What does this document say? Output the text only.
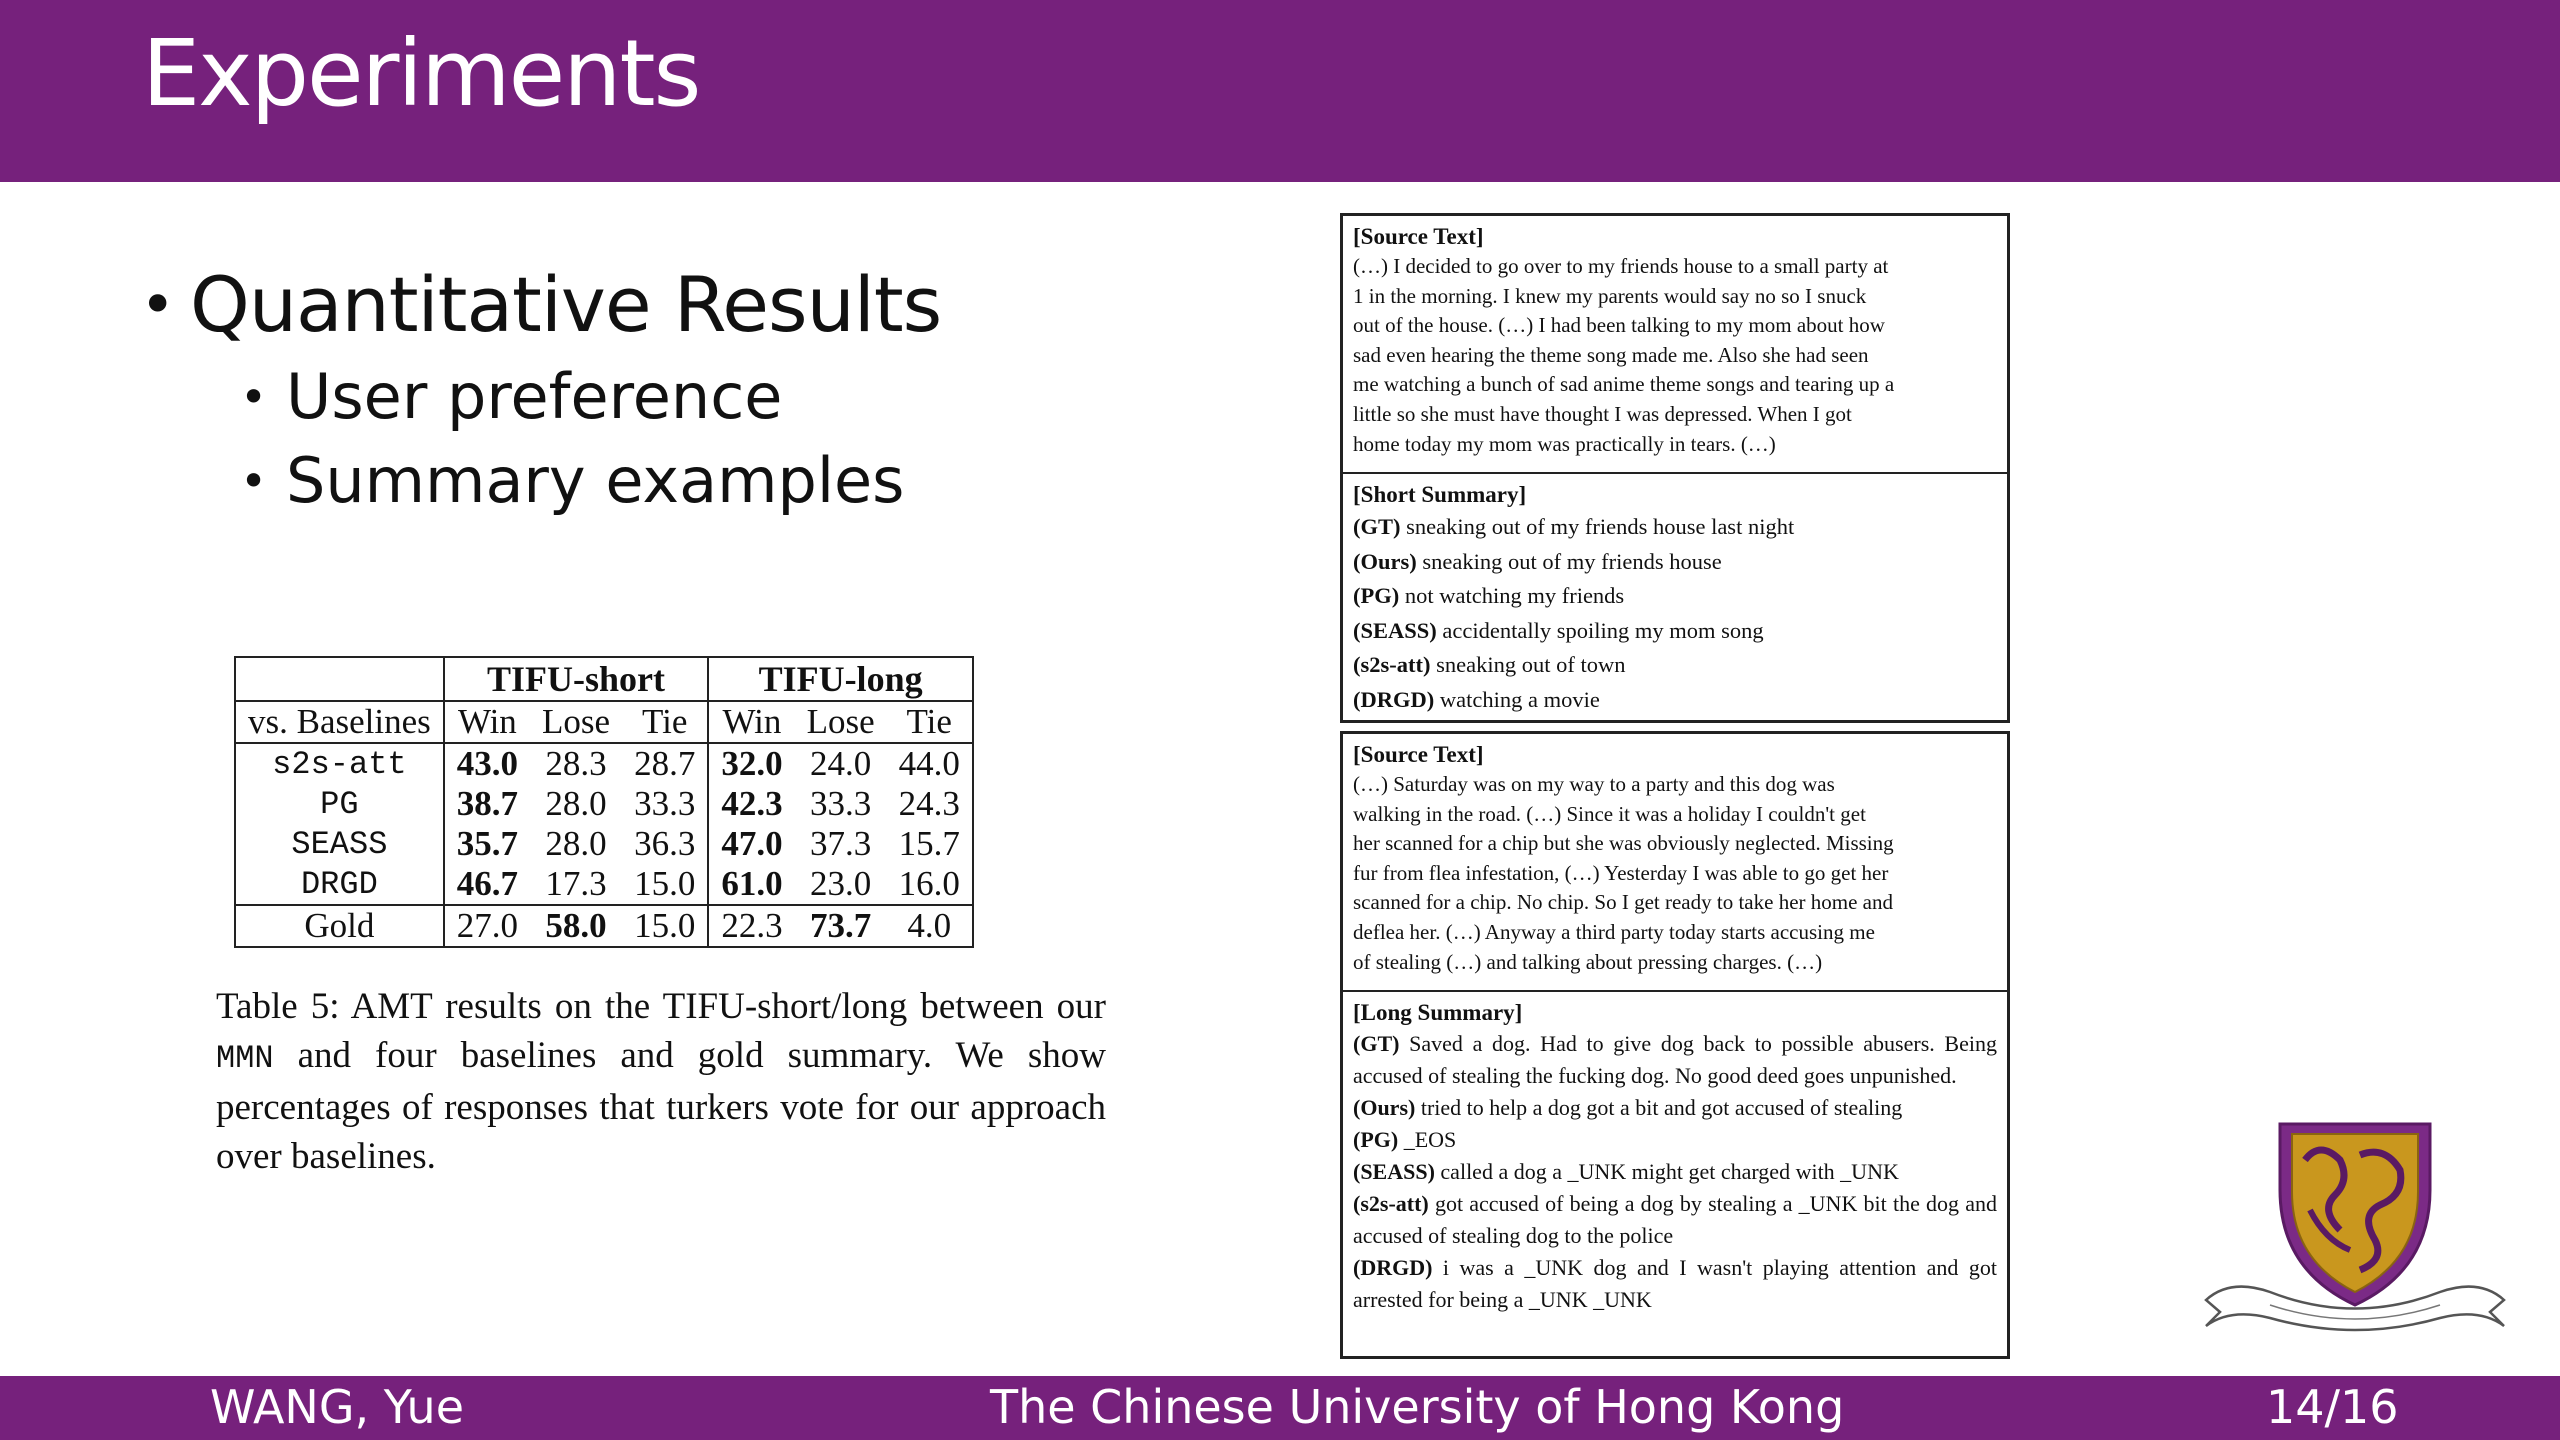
Experiments
• Quantitative Results
• User preference
• Summary examples
	TIFU-short			TIFU-long		
vs. Baselines	Win	Lose	Tie	Win	Lose	Tie
s2s-att	43.0	28.3	28.7	32.0	24.0	44.0
PG	38.7	28.0	33.3	42.3	33.3	24.3
SEASS	35.7	28.0	36.3	47.0	37.3	15.7
DRGD	46.7	17.3	15.0	61.0	23.0	16.0
Gold	27.0	58.0	15.0	22.3	73.7	4.0
Table 5: AMT results on the TIFU-short/long between our MMN and four baselines and gold summary. We show percentages of responses that turkers vote for our approach over baselines.
[Source Text]
(…) I decided to go over to my friends house to a small party at
1 in the morning. I knew my parents would say no so I snuck
out of the house. (…) I had been talking to my mom about how
sad even hearing the theme song made me. Also she had seen
me watching a bunch of sad anime theme songs and tearing up a
little so she must have thought I was depressed. When I got
home today my mom was practically in tears. (…)
[Short Summary]
(GT) sneaking out of my friends house last night
(Ours) sneaking out of my friends house
(PG) not watching my friends
(SEASS) accidentally spoiling my mom song
(s2s-att) sneaking out of town
(DRGD) watching a movie
[Source Text]
(…) Saturday was on my way to a party and this dog was
walking in the road. (…) Since it was a holiday I couldn't get
her scanned for a chip but she was obviously neglected. Missing
fur from flea infestation, (…) Yesterday I was able to go get her
scanned for a chip. No chip. So I get ready to take her home and
deflea her. (…) Anyway a third party today starts accusing me
of stealing (…) and talking about pressing charges. (…)
[Long Summary]
(GT) Saved a dog. Had to give dog back to possible abusers. Being accused of stealing the fucking dog. No good deed goes unpunished.
(Ours) tried to help a dog got a bit and got accused of stealing
(PG) _EOS
(SEASS) called a dog a _UNK might get charged with _UNK
(s2s-att) got accused of being a dog by stealing a _UNK bit the dog and accused of stealing dog to the police
(DRGD) i was a _UNK dog and I wasn't playing attention and got arrested for being a _UNK _UNK
WANG, Yue	The Chinese University of Hong Kong	14/16
